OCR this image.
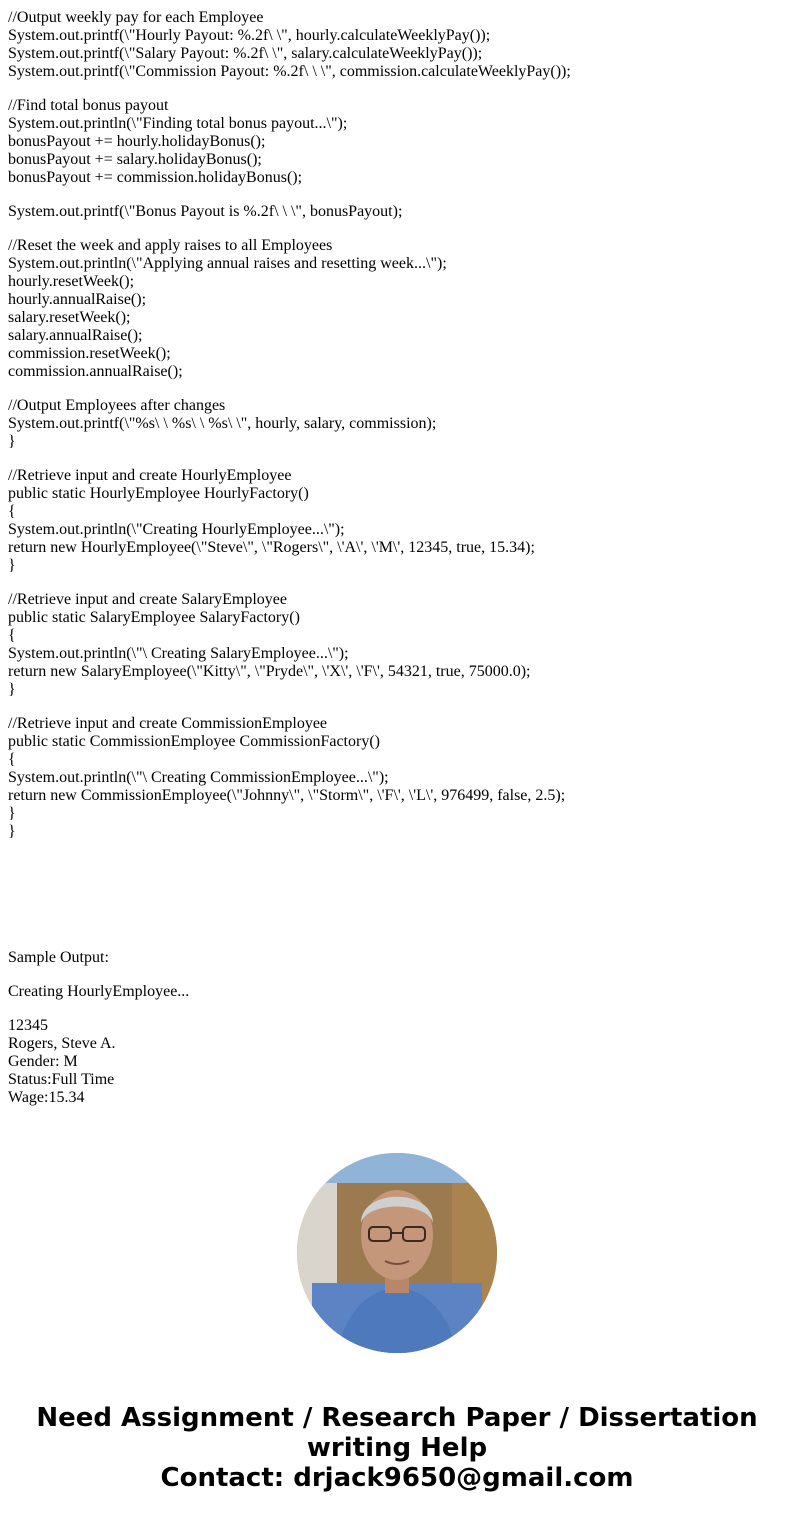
//Output weekly pay for each Employee
System.out.printf(\"Hourly Payout: %.2f\ \", hourly.calculateWeeklyPay());
System.out.printf(\"Salary Payout: %.2f\ \", salary.calculateWeeklyPay());
System.out.printf(\"Commission Payout: %.2f\ \ \", commission.calculateWeeklyPay());
//Find total bonus payout
System.out.println(\"Finding total bonus payout...\");
bonusPayout += hourly.holidayBonus();
bonusPayout += salary.holidayBonus();
bonusPayout += commission.holidayBonus();
System.out.printf(\"Bonus Payout is %.2f\ \ \", bonusPayout);
//Reset the week and apply raises to all Employees
System.out.println(\"Applying annual raises and resetting week...\");
hourly.resetWeek();
hourly.annualRaise();
salary.resetWeek();
salary.annualRaise();
commission.resetWeek();
commission.annualRaise();
//Output Employees after changes
System.out.printf(\"%s\ \ %s\ \ %s\ \", hourly, salary, commission);
}
//Retrieve input and create HourlyEmployee
public static HourlyEmployee HourlyFactory()
{
System.out.println(\"Creating HourlyEmployee...\");
return new HourlyEmployee(\"Steve\", \"Rogers\", \'A\', \'M\', 12345, true, 15.34);
}
//Retrieve input and create SalaryEmployee
public static SalaryEmployee SalaryFactory()
{
System.out.println(\"\ Creating SalaryEmployee...\");
return new SalaryEmployee(\"Kitty\", \"Pryde\", \'X\', \'F\', 54321, true, 75000.0);
}
//Retrieve input and create CommissionEmployee
public static CommissionEmployee CommissionFactory()
{
System.out.println(\"\ Creating CommissionEmployee...\");
return new CommissionEmployee(\"Johnny\", \"Storm\", \'F\', \'L\', 976499, false, 2.5);
}
}
Sample Output:
Creating HourlyEmployee...
12345
Rogers, Steve A.
Gender: M
Status:Full Time
Wage:15.34
Need Assignment / Research Paper / Dissertation
writing Help
Contact: drjack9650@gmail.com
